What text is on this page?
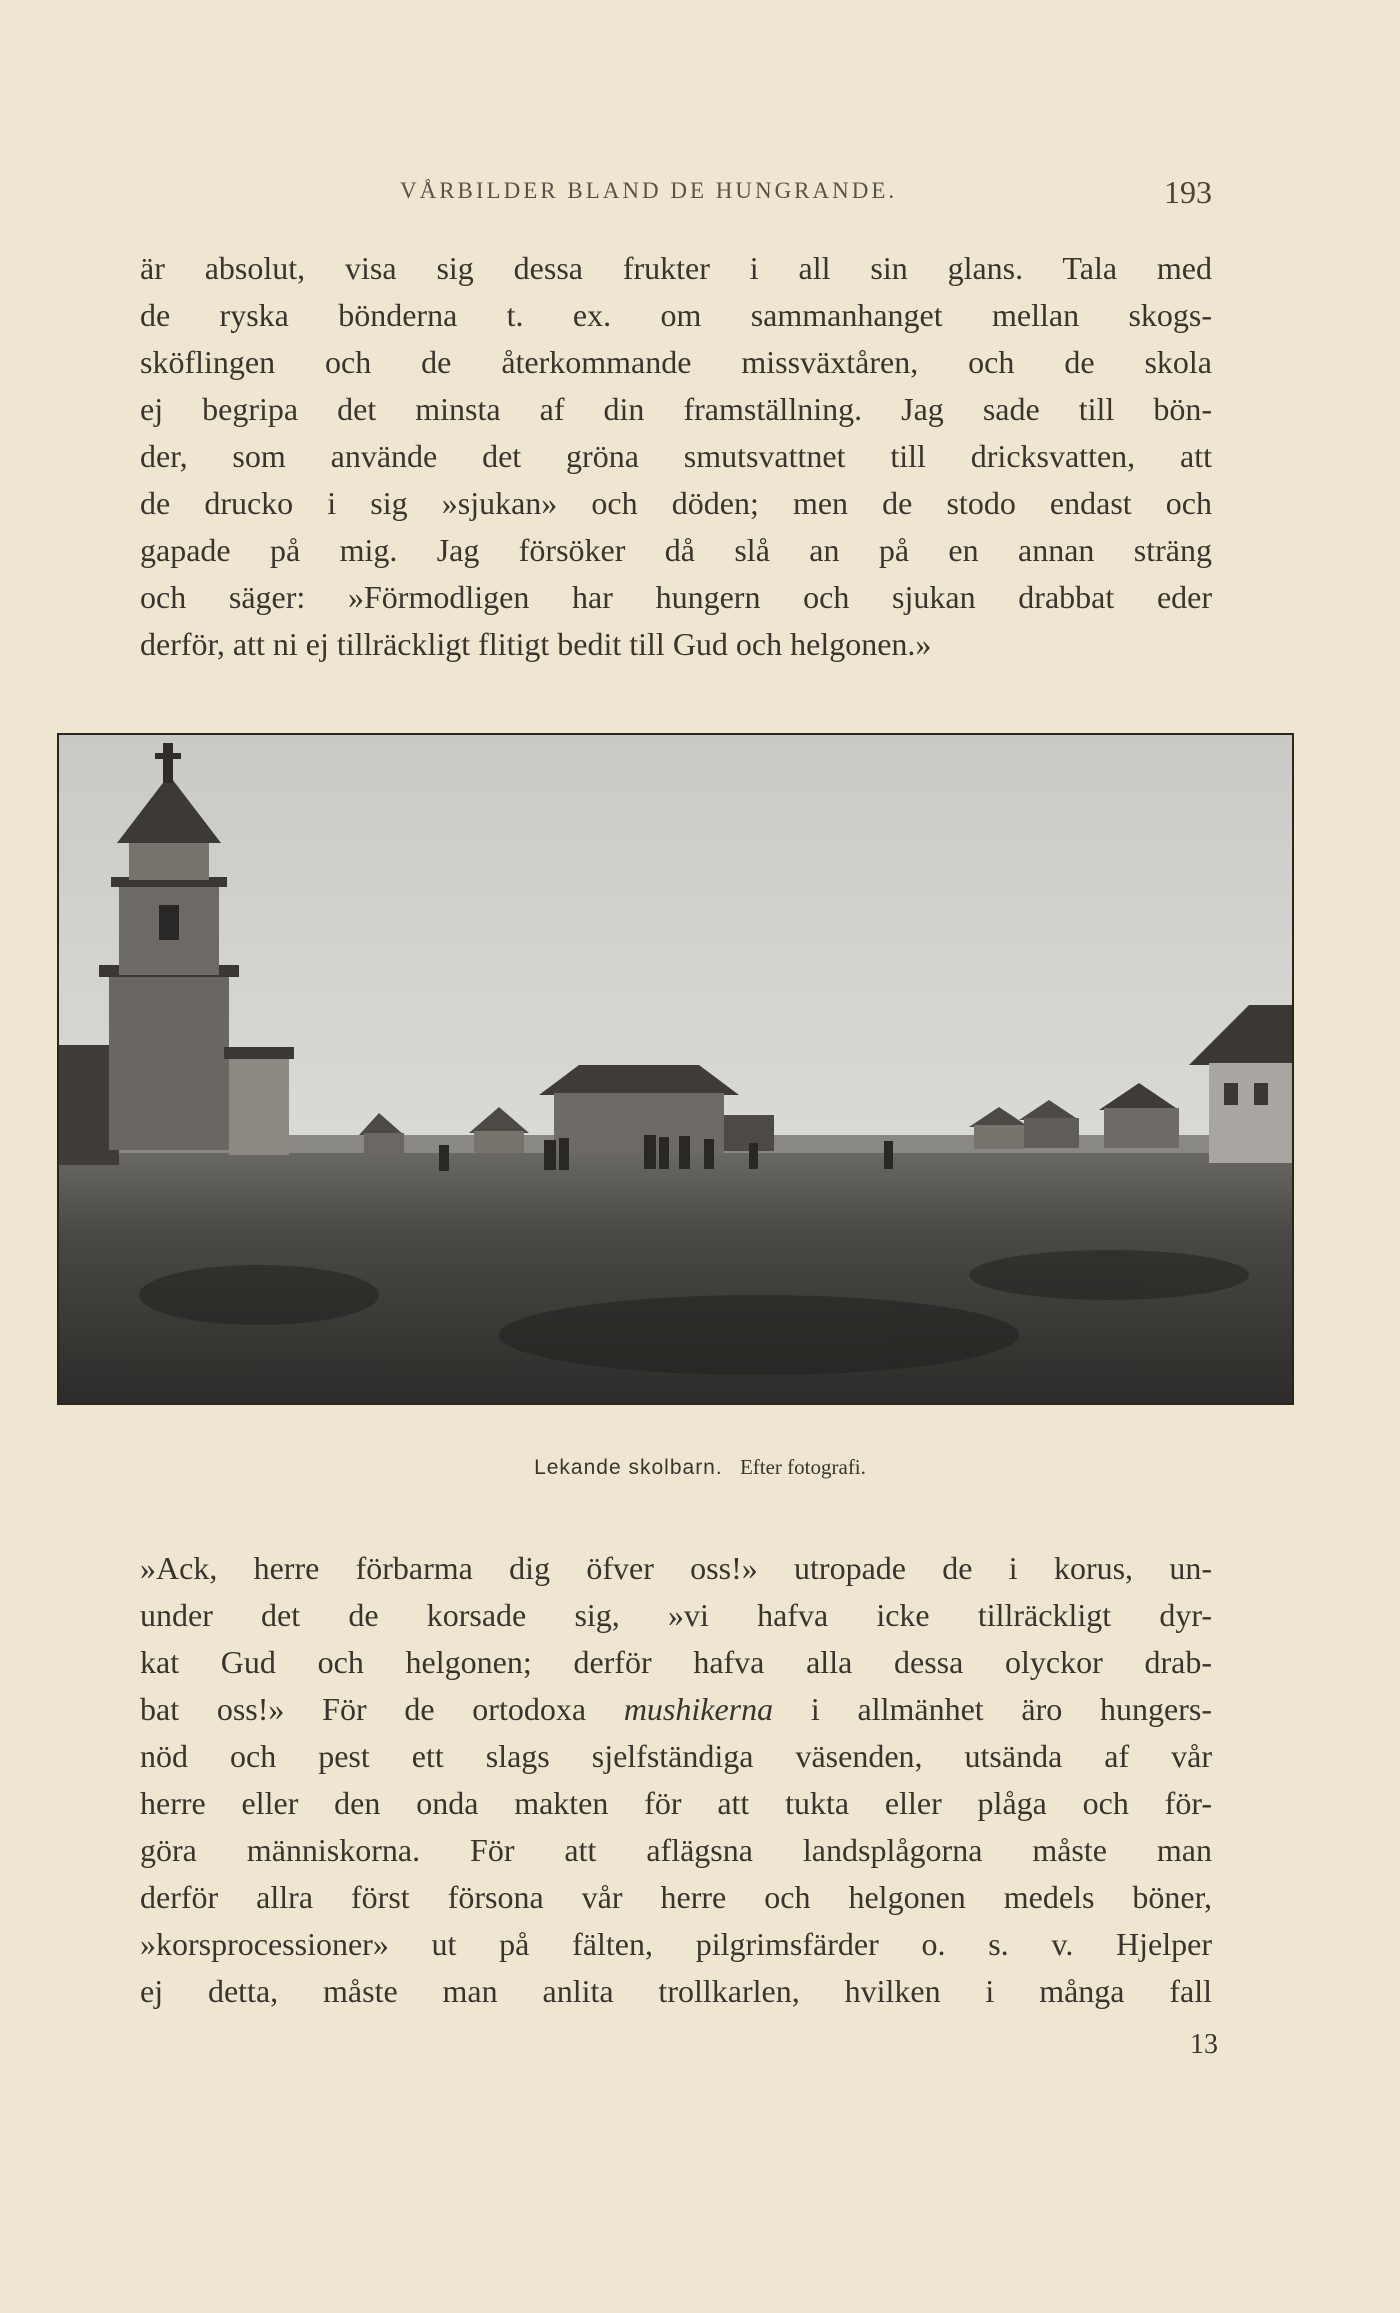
VÅRBILDER BLAND DE HUNGRANDE.	193
är absolut, visa sig dessa frukter i all sin glans. Tala med
de ryska bönderna t. ex. om sammanhanget mellan skogs-
sköflingen och de återkommande missväxtåren, och de skola
ej begripa det minsta af din framställning. Jag sade till bön-
der, som använde det gröna smutsvattnet till dricksvatten, att
de drucko i sig »sjukan» och döden; men de stodo endast och
gapade på mig. Jag försöker då slå an på en annan sträng
och säger: »Förmodligen har hungern och sjukan drabbat eder
derför, att ni ej tillräckligt flitigt bedit till Gud och helgonen.»
Lekande skolbarn. Efter fotografi.
»Ack, herre förbarma dig öfver oss!» utropade de i korus, un-
under det de korsade sig, »vi hafva icke tillräckligt dyr-
kat Gud och helgonen; derför hafva alla dessa olyckor drab-
bat oss!» För de ortodoxa mushikerna i allmänhet äro hungers-
nöd och pest ett slags sjelfständiga väsenden, utsända af vår
herre eller den onda makten för att tukta eller plåga och för-
göra människorna. För att aflägsna landsplågorna måste man
derför allra först försona vår herre och helgonen medels böner,
»korsprocessioner» ut på fälten, pilgrimsfärder o. s. v. Hjelper
ej detta, måste man anlita trollkarlen, hvilken i många fall
13
